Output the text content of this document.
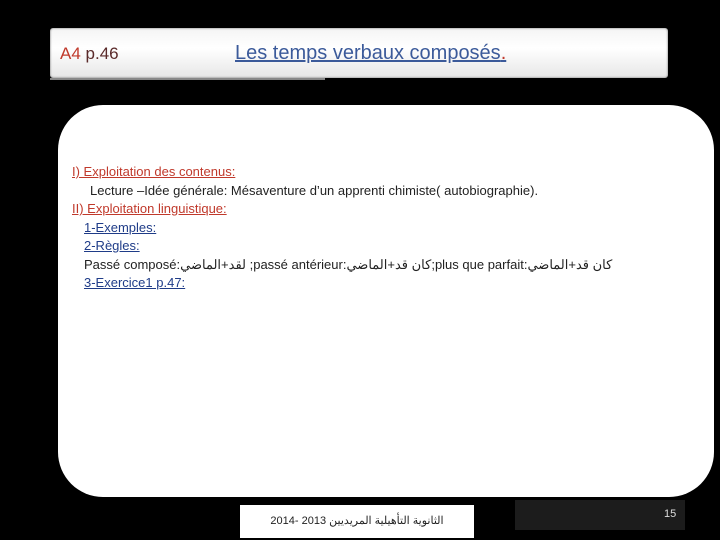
A4 p.46	Les temps verbaux composés.
I) Exploitation des contenus:
Lecture –Idée générale: Mésaventure d’un apprenti chimiste( autobiographie).
II) Exploitation linguistique:
1-Exemples:
2-Règles:
Passé composé:لقد+الماضي ;passé antérieur:كان قد+الماضي;plus que parfait:كان قد+الماضي
3-Exercice1 p.47:
الثانوية التأهيلية المريديين 2013 -2014
15
